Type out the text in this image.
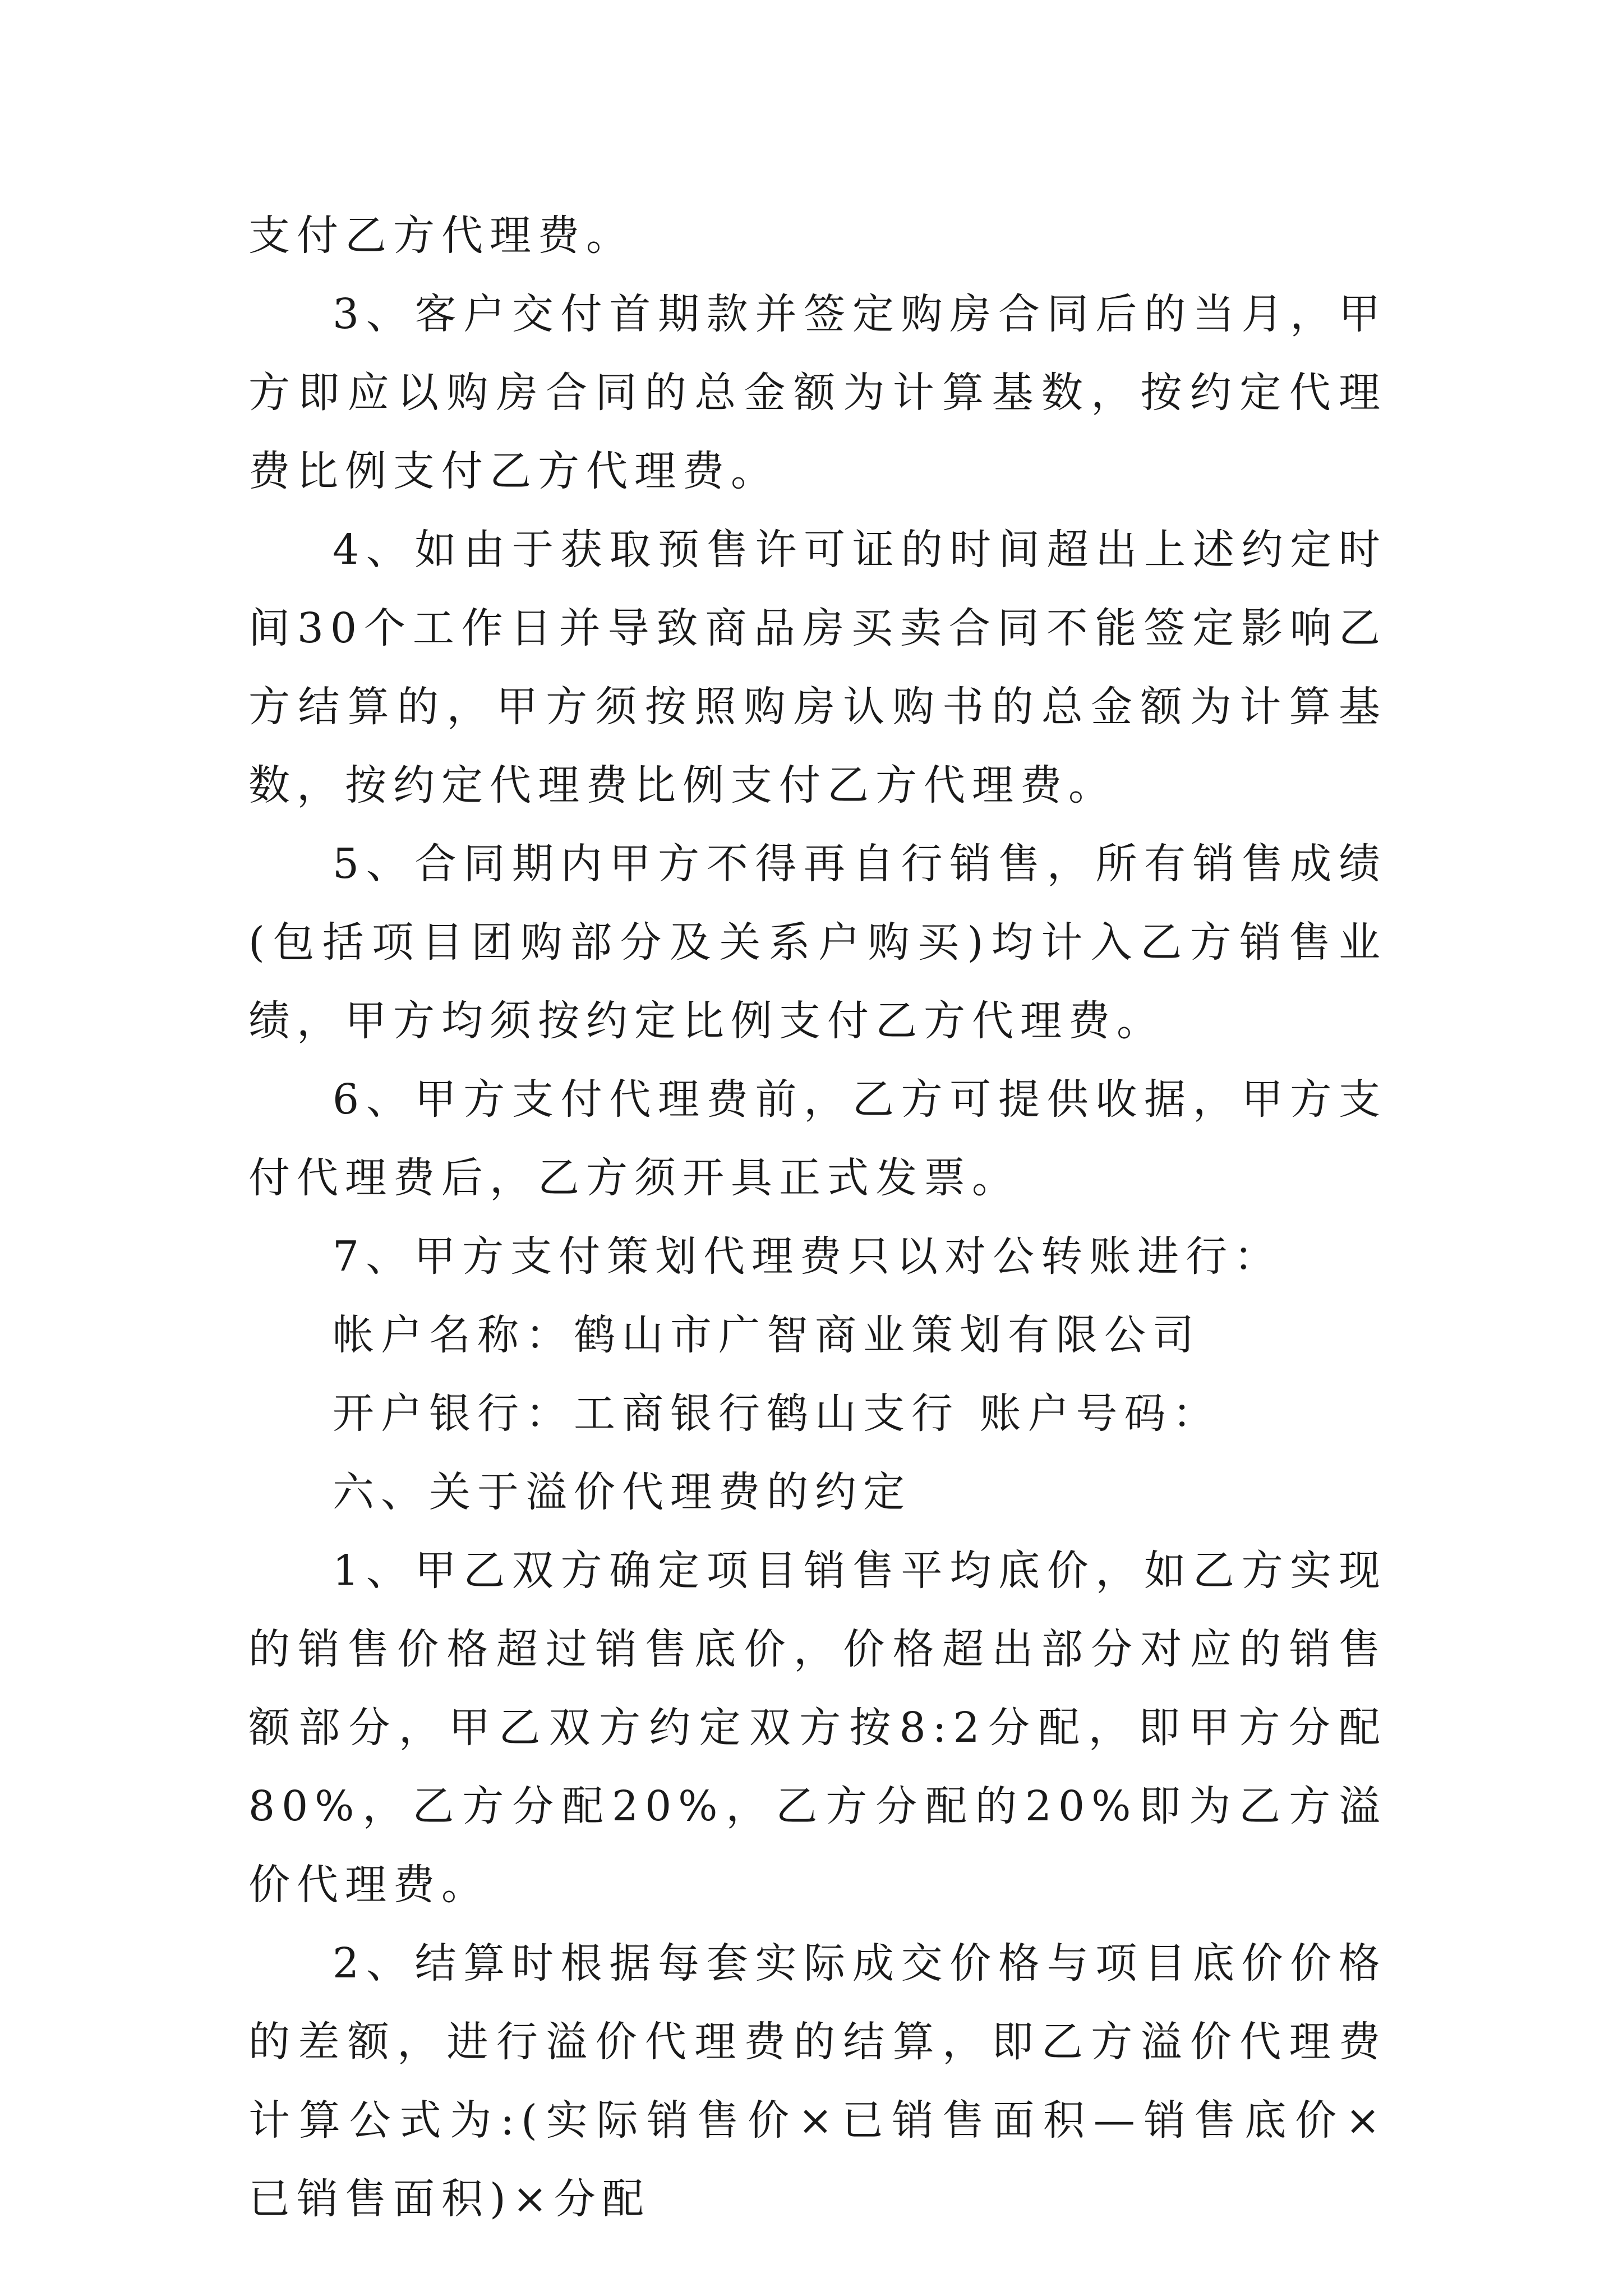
支付乙方代理费。

3、客户交付首期款并签定购房合同后的当月，甲方即应以购房合同的总金额为计算基数，按约定代理费比例支付乙方代理费。

4、如由于获取预售许可证的时间超出上述约定时间30个工作日并导致商品房买卖合同不能签定影响乙方结算的，甲方须按照购房认购书的总金额为计算基数，按约定代理费比例支付乙方代理费。

5、合同期内甲方不得再自行销售，所有销售成绩(包括项目团购部分及关系户购买)均计入乙方销售业绩，甲方均须按约定比例支付乙方代理费。

6、甲方支付代理费前，乙方可提供收据，甲方支付代理费后，乙方须开具正式发票。

7、甲方支付策划代理费只以对公转账进行：

帐户名称：鹤山市广智商业策划有限公司

开户银行：工商银行鹤山支行 账户号码：

六、关于溢价代理费的约定

1、甲乙双方确定项目销售平均底价，如乙方实现的销售价格超过销售底价，价格超出部分对应的销售额部分，甲乙双方约定双方按8:2分配，即甲方分配80%，乙方分配20%，乙方分配的20%即为乙方溢价代理费。

2、结算时根据每套实际成交价格与项目底价价格的差额，进行溢价代理费的结算，即乙方溢价代理费计算公式为:(实际销售价×已销售面积—销售底价×已销售面积)×分配
